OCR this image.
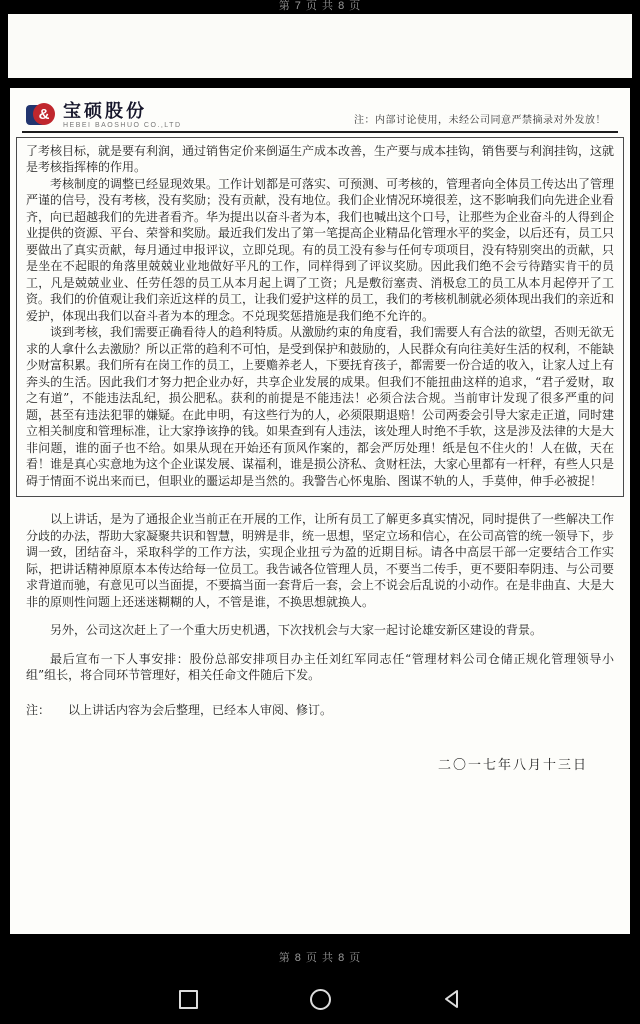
第 7 页 共 8 页
& 宝硕股份
HEBEI BAOSHUO CO.,LTD	注：内部讨论使用，未经公司同意严禁摘录对外发放！

了考核目标，就是要有利润，通过销售定价来倒逼生产成本改善，生产要与成本挂钩，销售要与利润挂钩，这就是考核指挥棒的作用。

考核制度的调整已经显现效果。工作计划都是可落实、可预测、可考核的，管理者向全体员工传达出了管理严谨的信号，没有考核，没有奖励；没有贡献，没有地位。我们企业情况环境很差，这不影响我们向先进企业看齐，向已超越我们的先进者看齐。华为提出以奋斗者为本，我们也喊出这个口号，让那些为企业奋斗的人得到企业提供的资源、平台、荣誉和奖励。最近我们发出了第一笔提高企业精品化管理水平的奖金，以后还有，员工只要做出了真实贡献，每月通过申报评议，立即兑现。有的员工没有参与任何专项项目，没有特别突出的贡献，只是坐在不起眼的角落里兢兢业业地做好平凡的工作，同样得到了评议奖励。因此我们绝不会亏待踏实肯干的员工，凡是兢兢业业、任劳任怨的员工从本月起上调了工资；凡是敷衍塞责、消极怠工的员工从本月起停开了工资。我们的价值观让我们亲近这样的员工，让我们爱护这样的员工，我们的考核机制就必须体现出我们的亲近和爱护，体现出我们以奋斗者为本的理念。不兑现奖惩措施是我们绝不允许的。

谈到考核，我们需要正确看待人的趋利特质。从激励约束的角度看，我们需要人有合法的欲望，否则无欲无求的人拿什么去激励？所以正常的趋利不可怕，是受到保护和鼓励的，人民群众有向往美好生活的权利，不能缺少财富积累。我们所有在岗工作的员工，上要赡养老人，下要抚育孩子，都需要一份合适的收入，让家人过上有奔头的生活。因此我们才努力把企业办好，共享企业发展的成果。但我们不能扭曲这样的追求，“君子爱财，取之有道”，不能违法乱纪，损公肥私。获利的前提是不能违法！必须合法合规。当前审计发现了很多严重的问题，甚至有违法犯罪的嫌疑。在此申明，有这些行为的人，必须限期退赔！公司两委会引导大家走正道，同时建立相关制度和管理标准，让大家挣该挣的钱。如果查到有人违法，该处理人时绝不手软，这是涉及法律的大是大非问题，谁的面子也不给。如果从现在开始还有顶风作案的，都会严厉处理！纸是包不住火的！人在做，天在看！谁是真心实意地为这个企业谋发展、谋福利，谁是损公济私、贪财枉法，大家心里都有一杆秤，有些人只是碍于情面不说出来而已，但职业的噩运却是当然的。我警告心怀鬼胎、图谋不轨的人，手莫伸，伸手必被捉！

以上讲话，是为了通报企业当前正在开展的工作，让所有员工了解更多真实情况，同时提供了一些解决工作分歧的办法，帮助大家凝聚共识和智慧，明辨是非，统一思想，坚定立场和信心，在公司高管的统一领导下，步调一致，团结奋斗，采取科学的工作方法，实现企业扭亏为盈的近期目标。请各中高层干部一定要结合工作实际，把讲话精神原原本本传达给每一位员工。我告诫各位管理人员，不要当二传手，更不要阳奉阴违、与公司要求背道而驰，有意见可以当面提，不要搞当面一套背后一套，会上不说会后乱说的小动作。在是非曲直、大是大非的原则性问题上还迷迷糊糊的人，不管是谁，不换思想就换人。

另外，公司这次赶上了一个重大历史机遇，下次找机会与大家一起讨论雄安新区建设的背景。

最后宣布一下人事安排：股份总部安排项目办主任刘红军同志任“管理材料公司仓储正规化管理领导小组”组长，将合同环节管理好，相关任命文件随后下发。

注：　　以上讲话内容为会后整理，已经本人审阅、修订。
二〇一七年八月十三日
第 8 页 共 8 页
